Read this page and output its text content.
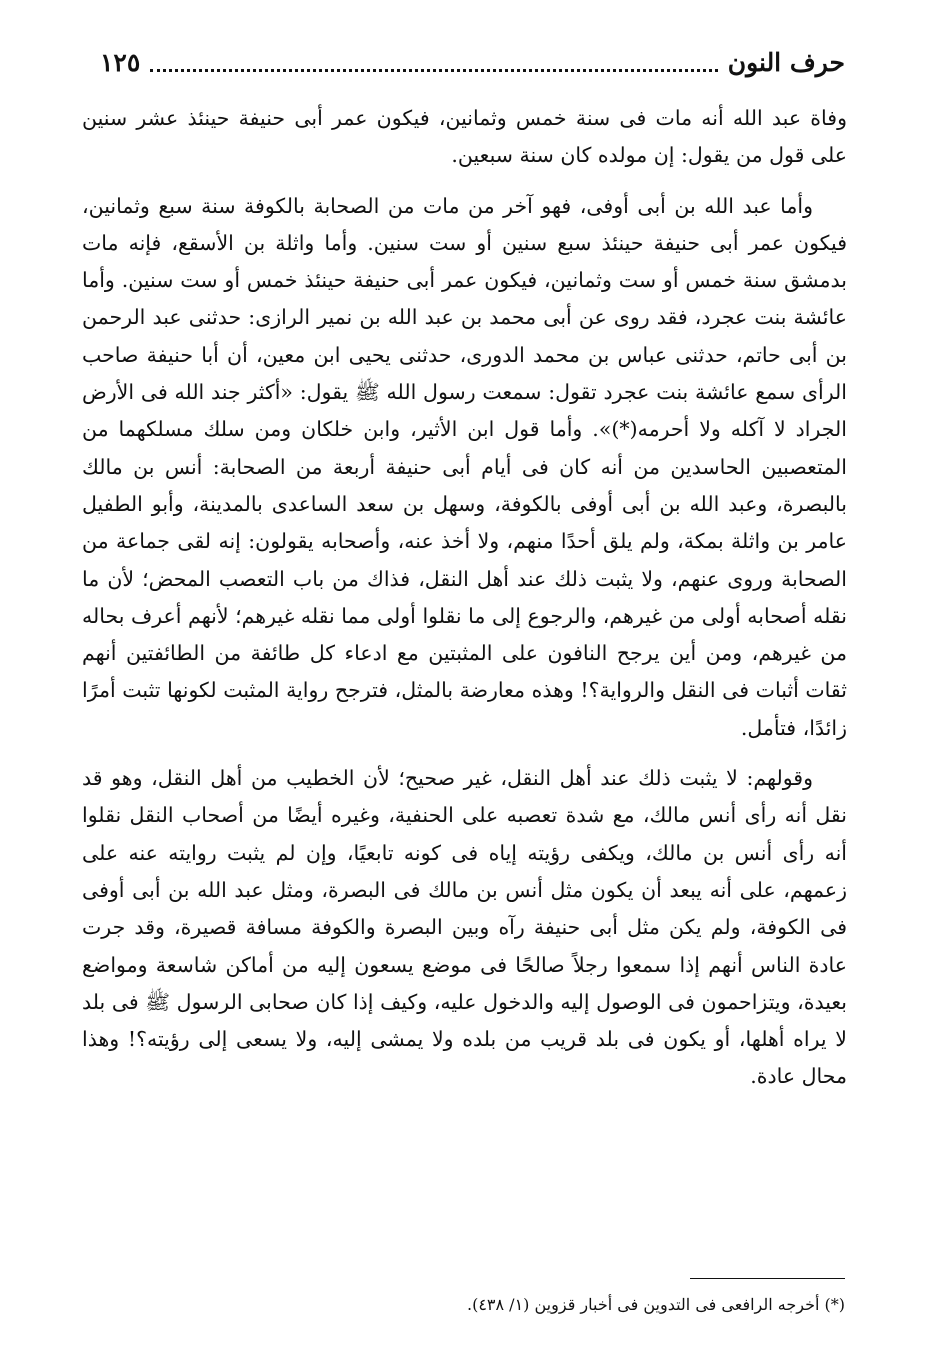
حرف النون
١٢٥

وفاة عبد الله أنه مات فى سنة خمس وثمانين، فيكون عمر أبى حنيفة حينئذ عشر سنين على قول من يقول: إن مولده كان سنة سبعين.

وأما عبد الله بن أبى أوفى، فهو آخر من مات من الصحابة بالكوفة سنة سبع وثمانين، فيكون عمر أبى حنيفة حينئذ سبع سنين أو ست سنين. وأما واثلة بن الأسقع، فإنه مات بدمشق سنة خمس أو ست وثمانين، فيكون عمر أبى حنيفة حينئذ خمس أو ست سنين. وأما عائشة بنت عجرد، فقد روى عن أبى محمد بن عبد الله بن نمير الرازى: حدثنى عبد الرحمن بن أبى حاتم، حدثنى عباس بن محمد الدورى، حدثنى يحيى ابن معين، أن أبا حنيفة صاحب الرأى سمع عائشة بنت عجرد تقول: سمعت رسول الله ﷺ يقول: «أكثر جند الله فى الأرض الجراد لا آكله ولا أحرمه(*)». وأما قول ابن الأثير، وابن خلكان ومن سلك مسلكهما من المتعصبين الحاسدين من أنه كان فى أيام أبى حنيفة أربعة من الصحابة: أنس بن مالك بالبصرة، وعبد الله بن أبى أوفى بالكوفة، وسهل بن سعد الساعدى بالمدينة، وأبو الطفيل عامر بن واثلة بمكة، ولم يلق أحدًا منهم، ولا أخذ عنه، وأصحابه يقولون: إنه لقى جماعة من الصحابة وروى عنهم، ولا يثبت ذلك عند أهل النقل، فذاك من باب التعصب المحض؛ لأن ما نقله أصحابه أولى من غيرهم، والرجوع إلى ما نقلوا أولى مما نقله غيرهم؛ لأنهم أعرف بحاله من غيرهم، ومن أين يرجح النافون على المثبتين مع ادعاء كل طائفة من الطائفتين أنهم ثقات أثبات فى النقل والرواية؟! وهذه معارضة بالمثل، فترجح رواية المثبت لكونها تثبت أمرًا زائدًا، فتأمل.

وقولهم: لا يثبت ذلك عند أهل النقل، غير صحيح؛ لأن الخطيب من أهل النقل، وهو قد نقل أنه رأى أنس مالك، مع شدة تعصبه على الحنفية، وغيره أيضًا من أصحاب النقل نقلوا أنه رأى أنس بن مالك، ويكفى رؤيته إياه فى كونه تابعيًا، وإن لم يثبت روايته عنه على زعمهم، على أنه يبعد أن يكون مثل أنس بن مالك فى البصرة، ومثل عبد الله بن أبى أوفى فى الكوفة، ولم يكن مثل أبى حنيفة رآه وبين البصرة والكوفة مسافة قصيرة، وقد جرت عادة الناس أنهم إذا سمعوا رجلاً صالحًا فى موضع يسعون إليه من أماكن شاسعة ومواضع بعيدة، ويتزاحمون فى الوصول إليه والدخول عليه، وكيف إذا كان صحابى الرسول ﷺ فى بلد لا يراه أهلها، أو يكون فى بلد قريب من بلده ولا يمشى إليه، ولا يسعى إلى رؤيته؟! وهذا محال عادة.

(*) أخرجه الرافعى فى التدوين فى أخبار قزوين (١/ ٤٣٨).
